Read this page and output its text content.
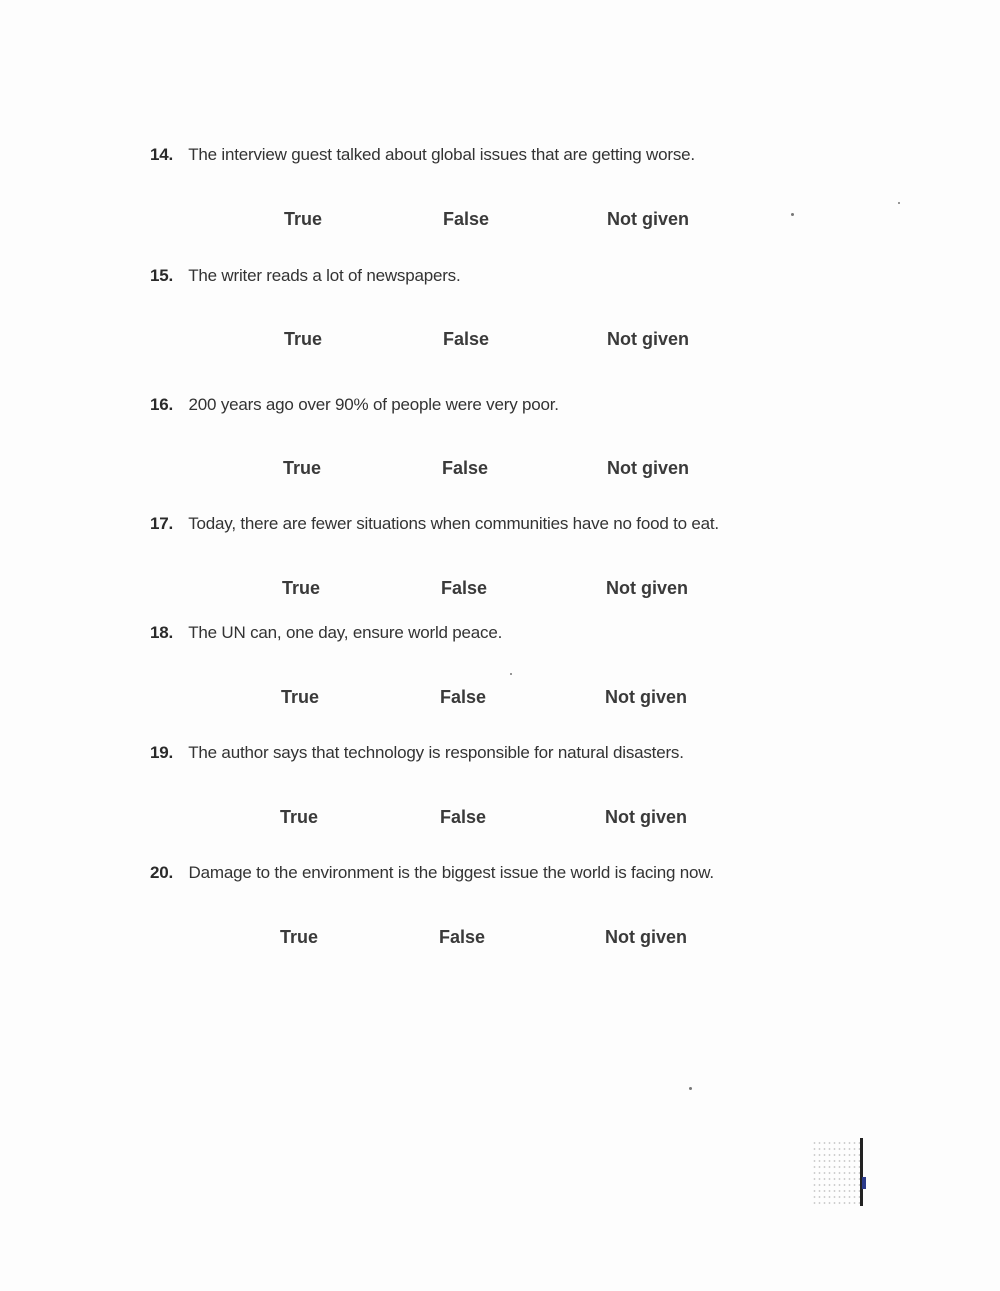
14. The interview guest talked about global issues that are getting worse.
True	False	Not given
15. The writer reads a lot of newspapers.
True	False	Not given
16. 200 years ago over 90% of people were very poor.
True	False	Not given
17. Today, there are fewer situations when communities have no food to eat.
True	False	Not given
18. The UN can, one day, ensure world peace.
True	False	Not given
19. The author says that technology is responsible for natural disasters.
True	False	Not given
20. Damage to the environment is the biggest issue the world is facing now.
True	False	Not given
